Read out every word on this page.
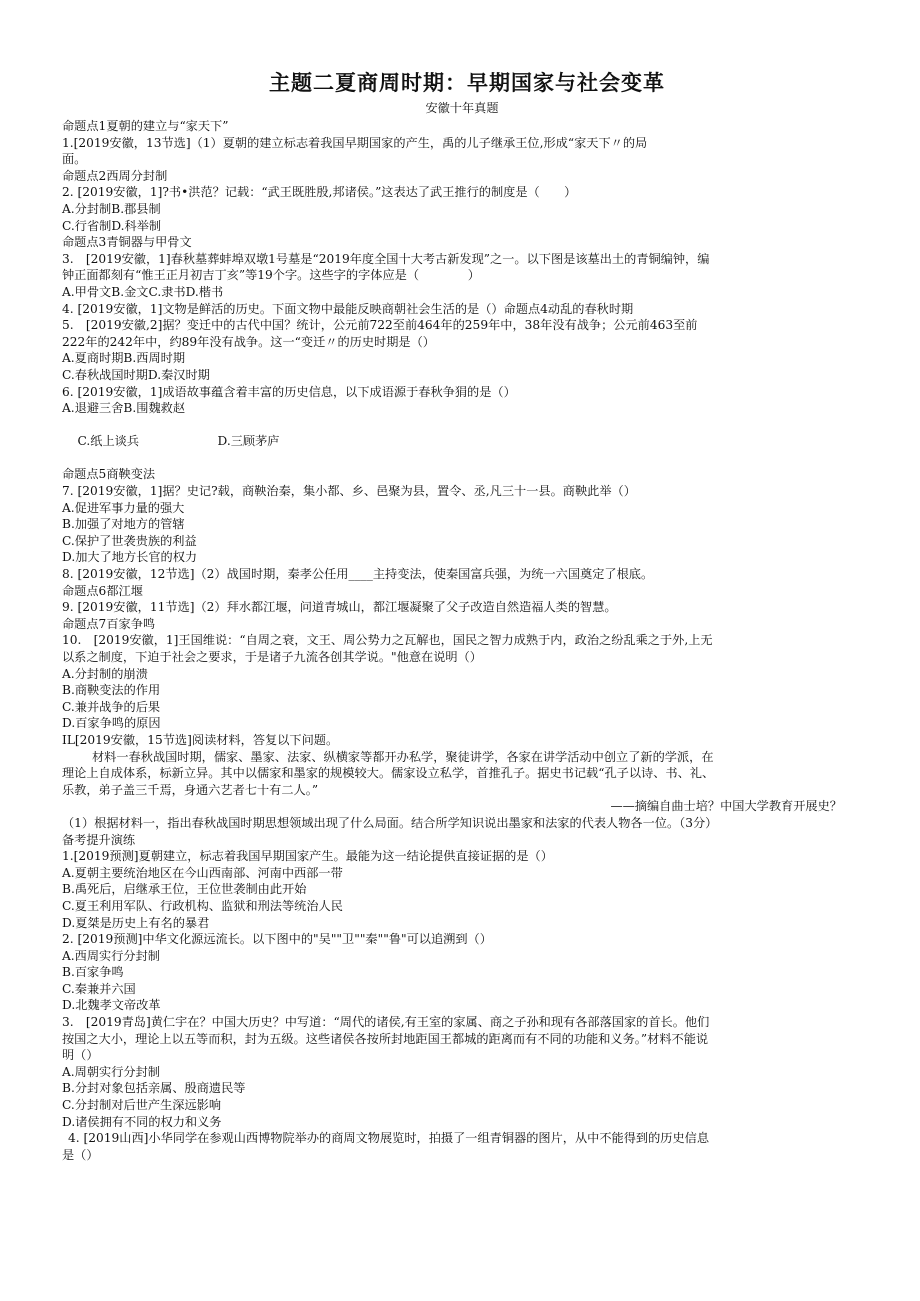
主题二夏商周时期：早期国家与社会变革
安徽十年真题
命题点1夏朝的建立与“家天下”
1.[2019安徽，13节选]（1）夏朝的建立标志着我国早期国家的产生，禹的儿子继承王位,形成“家天下〃的局
面。
命题点2西周分封制
2. [2019安徽，1]?书•洪范？记载：“武王既胜殷,邦诸侯。”这表达了武王推行的制度是（　　）
A.分封制B.郡县制
C.行省制D.科举制
命题点3青铜器与甲骨文
3.　[2019安徽，1]春秋墓葬蚌埠双墩1号墓是“2019年度全国十大考古新发现”之一。以下图是该墓出土的青铜编钟，编
钟正面都刻有“惟王正月初吉丁亥”等19个字。这些字的字体应是（　　　　）
A.甲骨文B.金文C.隶书D.楷书
4. [2019安徽，1]文物是鲜活的历史。下面文物中最能反映商朝社会生活的是（）命题点4动乱的春秋时期
5.　[2019安徽,2]据？变迁中的古代中国？统计，公元前722至前464年的259年中，38年没有战争；公元前463至前
222年的242年中，约89年没有战争。这一“变迁〃的历史时期是（）
A.夏商时期B.西周时期
C.春秋战国时期D.秦汉时期
6. [2019安徽，1]成语故事蕴含着丰富的历史信息，以下成语源于春秋争狷的是（）
A.退避三舍B.围魏救赵

C.纸上谈兵	D.三顾茅庐

命题点5商鞅变法
7. [2019安徽，1]据？史记?载，商鞅治秦，集小都、乡、邑聚为县，置令、丞,凡三十一县。商鞅此举（）
A.促进军事力量的强大
B.加强了对地方的管辖
C.保护了世袭贵族的利益
D.加大了地方长官的权力
8. [2019安徽，12节选]（2）战国时期，秦孝公任用____主持变法，使秦国富兵强，为统一六国奠定了根底。
命题点6都江堰
9. [2019安徽，11节选]（2）拜水都江堰，问道青城山，都江堰凝聚了父子改造自然造福人类的智慧。
命题点7百家争鸣
10.　[2019安徽，1]王国维说：“自周之衰，文王、周公势力之瓦解也，国民之智力成熟于内，政治之纷乱乘之于外,上无
以系之制度，下迫于社会之要求，于是诸子九流各创其学说。"他意在说明（）
A.分封制的崩溃
B.商鞅变法的作用
C.兼并战争的后果
D.百家争鸣的原因
IL[2019安徽，15节选]阅读材料，答复以下问题。
材料一春秋战国时期，儒家、墨家、法家、纵横家等都开办私学，聚徒讲学，各家在讲学活动中创立了新的学派，在
理论上自成体系，标新立异。其中以儒家和墨家的规模较大。儒家设立私学，首推孔子。据史书记载“孔子以诗、书、礼、
乐教，弟子盖三千焉，身通六艺者七十有二人。”
——摘编自曲士培？中国大学教育开展史？
（1）根据材料一，指出春秋战国时期思想领域出现了什么局面。结合所学知识说出墨家和法家的代表人物各一位。（3分）
备考提升演练
1.[2019预测]夏朝建立，标志着我国早期国家产生。最能为这一结论提供直接证据的是（）
A.夏朝主要统治地区在今山西南部、河南中西部一带
B.禹死后，启继承王位，王位世袭制由此开始
C.夏王利用军队、行政机构、监狱和刑法等统治人民
D.夏桀是历史上有名的暴君
2. [2019预测]中华文化源远流长。以下图中的"吴""卫""秦""鲁"可以追溯到（）
A.西周实行分封制
B.百家争鸣
C.秦兼并六国
D.北魏孝文帝改革
3.　[2019青岛]黄仁宇在？中国大历史？中写道：“周代的诸侯,有王室的家属、商之子孙和现有各部落国家的首长。他们
按国之大小，理论上以五等而积，封为五级。这些诸侯各按所封地距国王都城的距离而有不同的功能和义务。”材料不能说
明（）
A.周朝实行分封制
B.分封对象包括亲属、殷商遗民等
C.分封制对后世产生深远影响
D.诸侯拥有不同的权力和义务
4. [2019山西]小华同学在参观山西博物院举办的商周文物展览时，拍摄了一组青铜器的图片，从中不能得到的历史信息
是（）
